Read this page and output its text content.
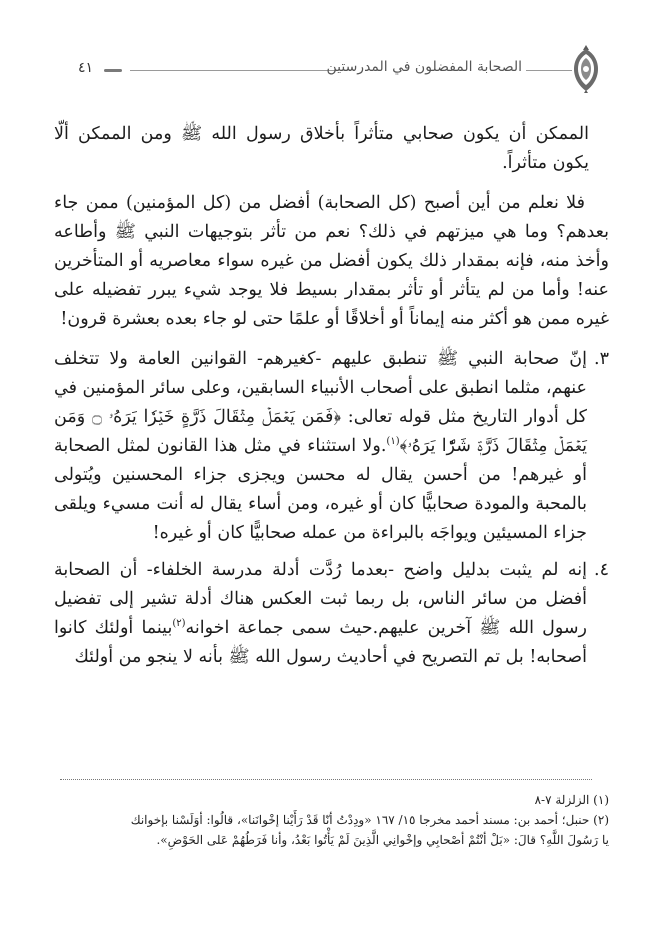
٤١	الصحابة المفضلون في المدرستين

الممكن أن يكون صحابي متأثراً بأخلاق رسول الله ﷺ ومن الممكن ألّا يكون متأثراً.

فلا نعلم من أين أصبح (كل الصحابة) أفضل من (كل المؤمنين) ممن جاء بعدهم؟ وما هي ميزتهم في ذلك؟ نعم من تأثر بتوجيهات النبي ﷺ وأطاعه وأخذ منه، فإنه بمقدار ذلك يكون أفضل من غيره سواء معاصريه أو المتأخرين عنه! وأما من لم يتأثر أو تأثر بمقدار بسيط فلا يوجد شيء يبرر تفضيله على غيره ممن هو أكثر منه إيماناً أو أخلاقًا أو علمًا حتى لو جاء بعده بعشرة قرون!

٣.
إنّ صحابة النبي ﷺ تنطبق عليهم -كغيرهم- القوانين العامة ولا تتخلف عنهم، مثلما انطبق على أصحاب الأنبياء السابقين، وعلى سائر المؤمنين في كل أدوار التاريخ مثل قوله تعالى: ﴿فَمَن يَعۡمَلۡ مِثۡقَالَ ذَرَّةٍ خَيۡرٗا يَرَهُۥ ۝ وَمَن يَعۡمَلۡ مِثۡقَالَ ذَرَّةٖ شَرّٗا يَرَهُۥ﴾$^{(١)}$.ولا استثناء في مثل هذا القانون لمثل الصحابة أو غيرهم! من أحسن يقال له محسن ويجزى جزاء المحسنين ويُتولى بالمحبة والمودة صحابيًّا كان أو غيره، ومن أساء يقال له أنت مسيء ويلقى جزاء المسيئين ويواجَه بالبراءة من عمله صحابيًّا كان أو غيره!
٤.
إنه لم يثبت بدليل واضح -بعدما رُدَّت أدلة مدرسة الخلفاء- أن الصحابة أفضل من سائر الناس، بل ربما ثبت العكس هناك أدلة تشير إلى تفضيل رسول الله ﷺ آخرين عليهم.حيث سمى جماعة اخوانه$^{(٢)}$بينما أولئك كانوا أصحابه! بل تم التصريح في أحاديث رسول الله ﷺ بأنه لا ينجو من أولئك

(١) الزلزلة ٧-٨

(٢) حنبل؛ أحمد بن: مسند أحمد مخرجا ١٥/ ١٦٧ «ودِدْتُ أنّا قَدْ رَأَيْنا إخْوانَنا»، قالُوا: أوَلَسْنا بإخوانك

يا رَسُولَ اللَّهِ؟ قالَ: «بَلْ أنْتُمْ أصْحابِي وإخْوانِي الَّذِينَ لَمْ يَأْتُوا بَعْدُ، وأنا فَرَطُهُمْ عَلى الحَوْضِ».
